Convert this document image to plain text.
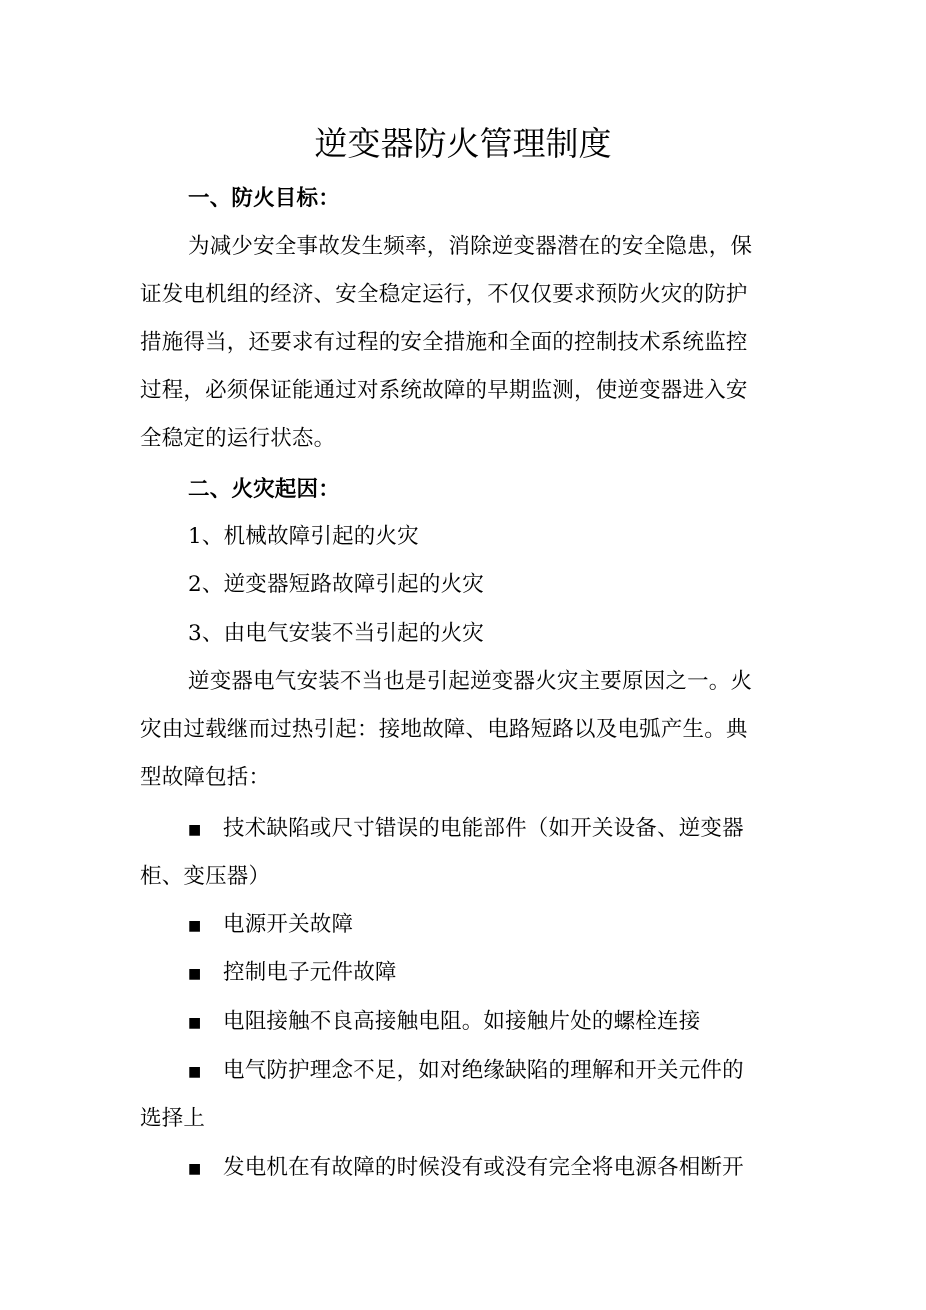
逆变器防火管理制度
一、防火目标：
为减少安全事故发生频率，消除逆变器潜在的安全隐患，保
证发电机组的经济、安全稳定运行，不仅仅要求预防火灾的防护
措施得当，还要求有过程的安全措施和全面的控制技术系统监控
过程，必须保证能通过对系统故障的早期监测，使逆变器进入安
全稳定的运行状态。
二、火灾起因：
1、机械故障引起的火灾
2、逆变器短路故障引起的火灾
3、由电气安装不当引起的火灾
逆变器电气安装不当也是引起逆变器火灾主要原因之一。火
灾由过载继而过热引起：接地故障、电路短路以及电弧产生。典
型故障包括：
■ 技术缺陷或尺寸错误的电能部件（如开关设备、逆变器
柜、变压器）
■ 电源开关故障
■ 控制电子元件故障
■ 电阻接触不良高接触电阻。如接触片处的螺栓连接
■ 电气防护理念不足，如对绝缘缺陷的理解和开关元件的
选择上
■ 发电机在有故障的时候没有或没有完全将电源各相断开
